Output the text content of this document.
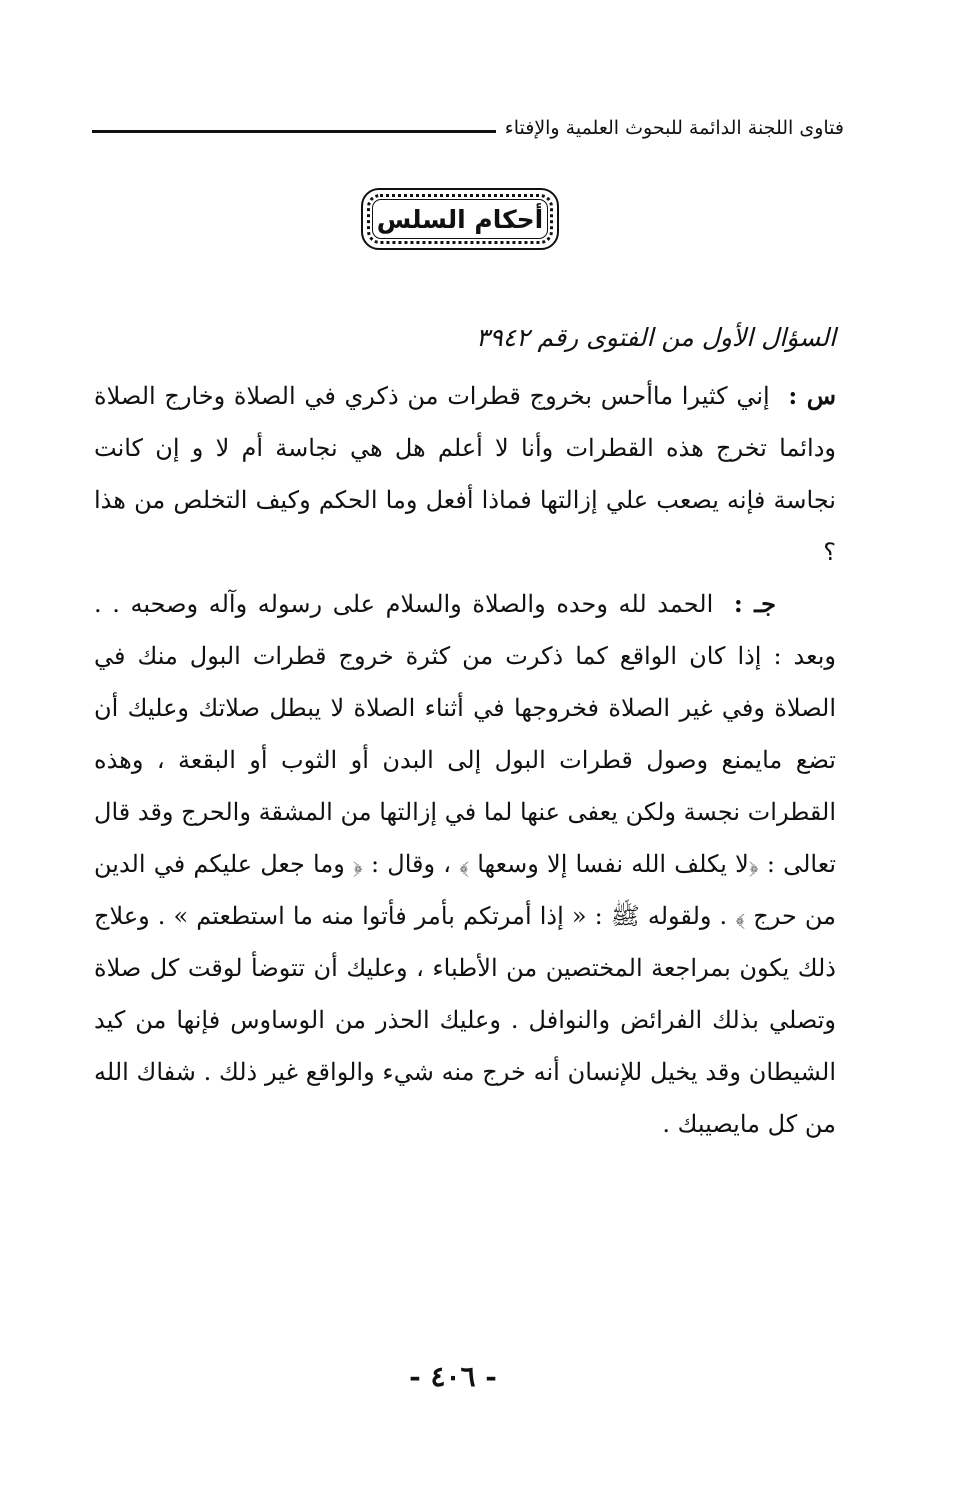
فتاوى اللجنة الدائمة للبحوث العلمية والإفتاء
أحكام السلس
السؤال الأول من الفتوى رقم ٣٩٤٢

س : إني كثيرا ماأحس بخروج قطرات من ذكري في الصلاة وخارج الصلاة ودائما تخرج هذه القطرات وأنا لا أعلم هل هي نجاسة أم لا و إن كانت نجاسة فإنه يصعب علي إزالتها فماذا أفعل وما الحكم وكيف التخلص من هذا ؟

جـ : الحمد لله وحده والصلاة والسلام على رسوله وآله وصحبه . . وبعد : إذا كان الواقع كما ذكرت من كثرة خروج قطرات البول منك في الصلاة وفي غير الصلاة فخروجها في أثناء الصلاة لا يبطل صلاتك وعليك أن تضع مايمنع وصول قطرات البول إلى البدن أو الثوب أو البقعة ، وهذه القطرات نجسة ولكن يعفى عنها لما في إزالتها من المشقة والحرج وقد قال تعالى : ﴿لا يكلف الله نفسا إلا وسعها ﴾ ، وقال : ﴿ وما جعل عليكم في الدين من حرج ﴾ . ولقوله ﷺ : « إذا أمرتكم بأمر فأتوا منه ما استطعتم » . وعلاج ذلك يكون بمراجعة المختصين من الأطباء ، وعليك أن تتوضأ لوقت كل صلاة وتصلي بذلك الفرائض والنوافل . وعليك الحذر من الوساوس فإنها من كيد الشيطان وقد يخيل للإنسان أنه خرج منه شيء والواقع غير ذلك . شفاك الله من كل مايصيبك .

- ٤٠٦ -
